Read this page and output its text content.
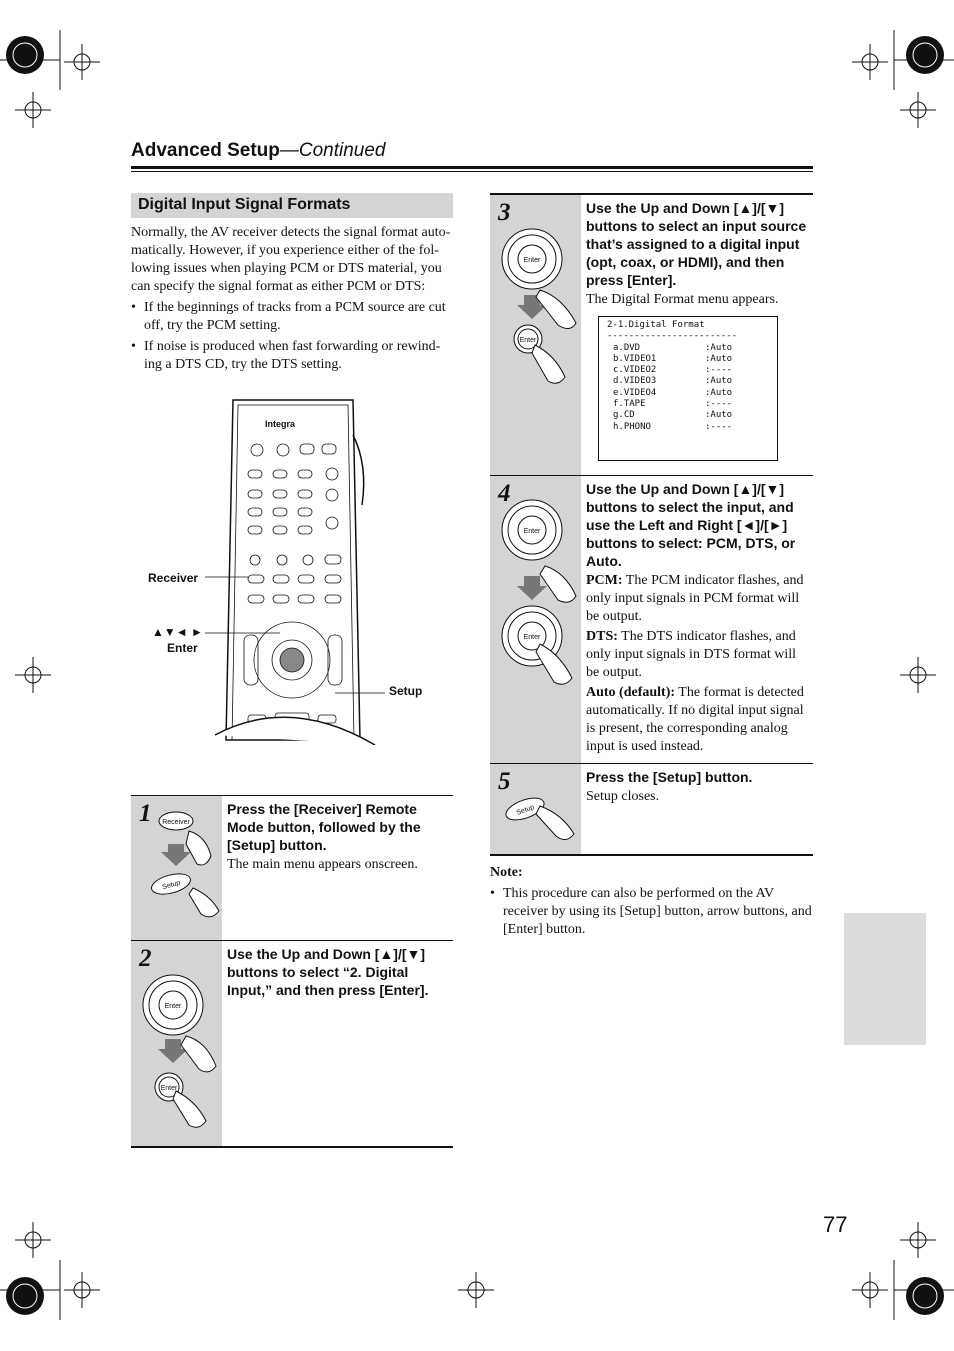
Advanced Setup—Continued
Digital Input Signal Formats
Normally, the AV receiver detects the signal format auto-matically. However, if you experience either of the fol-lowing issues when playing PCM or DTS material, you can specify the signal format as either PCM or DTS:
• If the beginnings of tracks from a PCM source are cut off, try the PCM setting.
• If noise is produced when fast forwarding or rewind-ing a DTS CD, try the DTS setting.
Integra
Receiver
▲▼◄ ►
Enter
Setup
Receiver
Setup
1	Press the [Receiver] Remote Mode button, followed by the [Setup] button.
The main menu appears onscreen.
Enter
Enter
2	Use the Up and Down [▲]/[▼] buttons to select “2. Digital Input,” and then press [Enter].
Enter
Enter
3	Use the Up and Down [▲]/[▼] buttons to select an input source that’s assigned to a digital input (opt, coax, or HDMI), and then press [Enter].
The Digital Format menu appears.
2-1.Digital Format
------------------------
a.DVD	:Auto
b.VIDEO1	:Auto
c.VIDEO2	:----
d.VIDEO3	:Auto
e.VIDEO4	:Auto
f.TAPE	:----
g.CD	:Auto
h.PHONO	:----
Enter
Enter
4	Use the Up and Down [▲]/[▼] buttons to select the input, and use the Left and Right [◄]/[►] buttons to select: PCM, DTS, or Auto.
PCM: The PCM indicator flashes, and only input signals in PCM format will be output.
DTS: The DTS indicator flashes, and only input signals in DTS format will be output.
Auto (default): The format is detected automatically. If no digital input signal is present, the corresponding analog input is used instead.
Setup
5	Press the [Setup] button.
Setup closes.
Note:
• This procedure can also be performed on the AV receiver by using its [Setup] button, arrow buttons, and [Enter] button.
77
